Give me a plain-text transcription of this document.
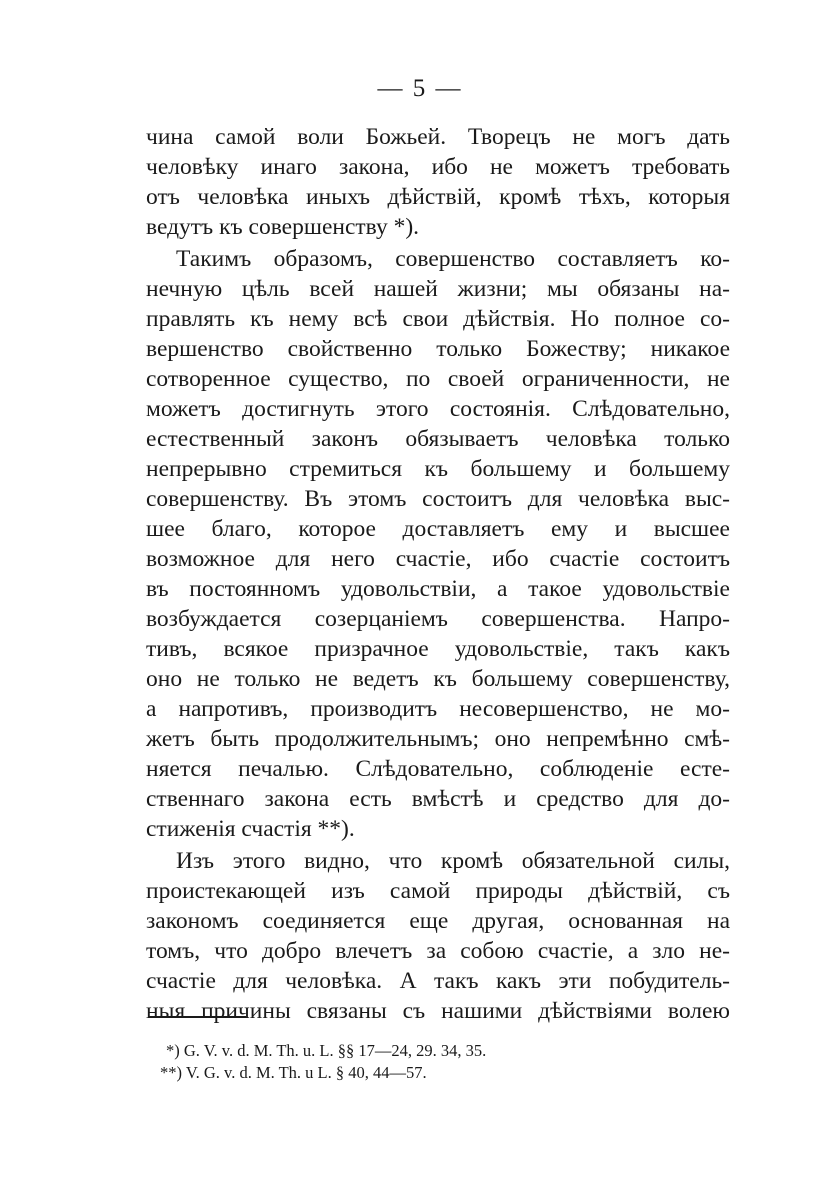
— 5 —
чина самой воли Божьей. Творецъ не могъ дать
человѣку инаго закона, ибо не можетъ требовать
отъ человѣка иныхъ дѣйствій, кромѣ тѣхъ, которыя
ведутъ къ совершенству *).
Такимъ образомъ, совершенство составляетъ ко-
нечную цѣль всей нашей жизни; мы обязаны на-
правлять къ нему всѣ свои дѣйствія. Но полное со-
вершенство свойственно только Божеству; никакое
сотворенное существо, по своей ограниченности, не
можетъ достигнуть этого состоянія. Слѣдовательно,
естественный законъ обязываетъ человѣка только
непрерывно стремиться къ большему и большему
совершенству. Въ этомъ состоитъ для человѣка выс-
шее благо, которое доставляетъ ему и высшее
возможное для него счастіе, ибо счастіе состоитъ
въ постоянномъ удовольствіи, а такое удовольствіе
возбуждается созерцаніемъ совершенства. Напро-
тивъ, всякое призрачное удовольствіе, такъ какъ
оно не только не ведетъ къ большему совершенству,
а напротивъ, производитъ несовершенство, не мо-
жетъ быть продолжительнымъ; оно непремѣнно смѣ-
няется печалью. Слѣдовательно, соблюденіе есте-
ственнаго закона есть вмѣстѣ и средство для до-
стиженія счастія **).
Изъ этого видно, что кромѣ обязательной силы,
проистекающей изъ самой природы дѣйствій, съ
закономъ соединяется еще другая, основанная на
томъ, что добро влечетъ за собою счастіе, а зло не-
счастіе для человѣка. А такъ какъ эти побудитель-
ныя причины связаны съ нашими дѣйствіями волею
*) G. V. v. d. M. Th. u. L. §§ 17—24, 29. 34, 35.
**) V. G. v. d. M. Th. u L. § 40, 44—57.
